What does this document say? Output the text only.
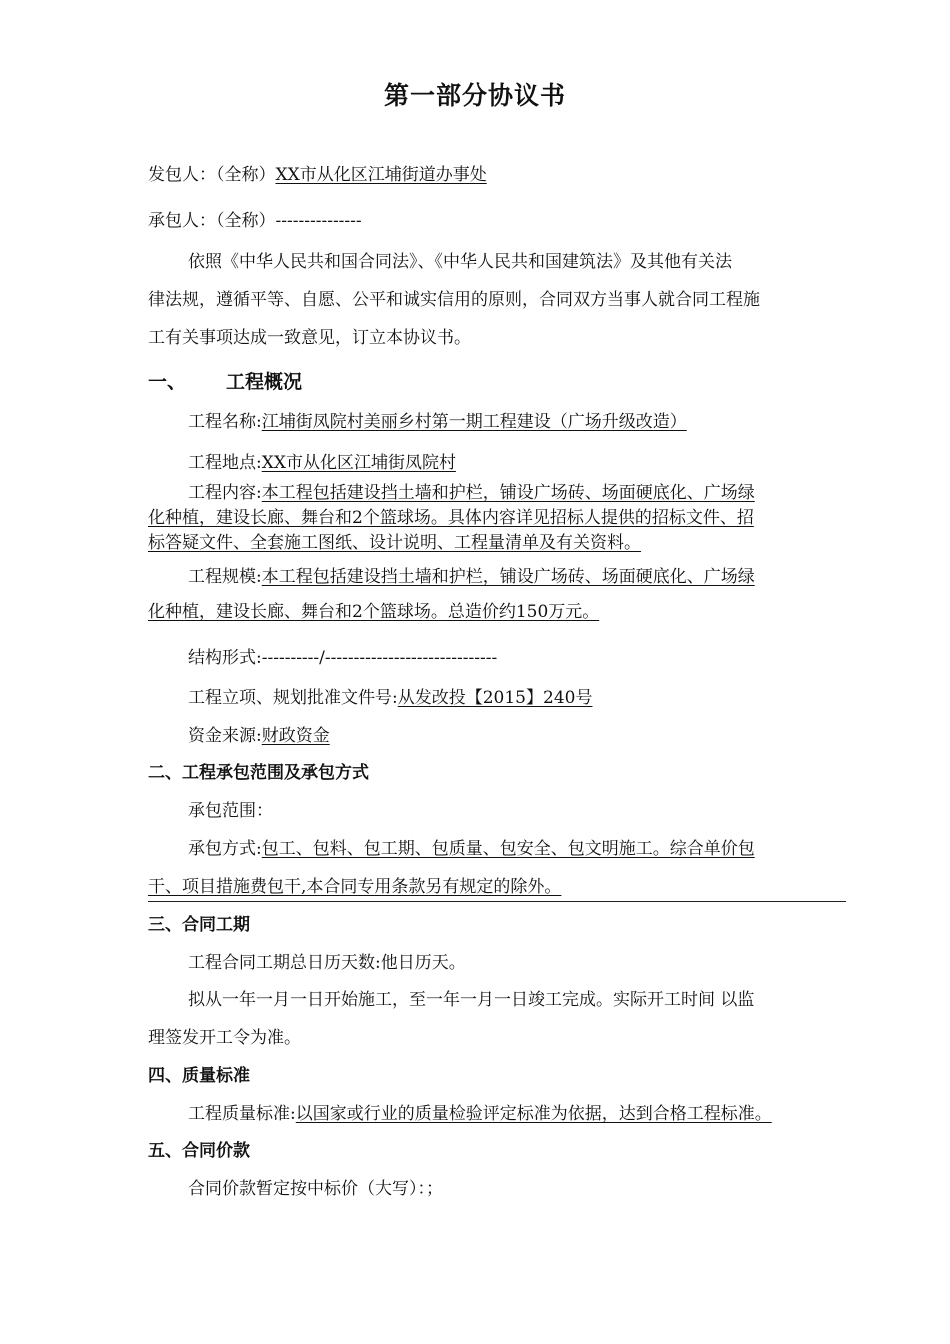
第一部分协议书
发包人：（全称）XX市从化区江埔街道办事处
承包人：（全称）---------------
依照《中华人民共和国合同法》、《中华人民共和国建筑法》及其他有关法
律法规，遵循平等、自愿、公平和诚实信用的原则，合同双方当事人就合同工程施
工有关事项达成一致意见，订立本协议书。
一、 工程概况
工程名称:江埔街凤院村美丽乡村第一期工程建设（广场升级改造）
工程地点:XX市从化区江埔街凤院村
工程内容:本工程包括建设挡土墙和护栏，铺设广场砖、场面硬底化、广场绿
化种植，建设长廊、舞台和2个篮球场。具体内容详见招标人提供的招标文件、招
标答疑文件、全套施工图纸、设计说明、工程量清单及有关资料。
工程规模:本工程包括建设挡土墙和护栏，铺设广场砖、场面硬底化、广场绿
化种植，建设长廊、舞台和2个篮球场。总造价约150万元。
结构形式:----------/------------------------------
工程立项、规划批准文件号:从发改投【2015】240号
资金来源:财政资金
二、工程承包范围及承包方式
承包范围：
承包方式:包工、包料、包工期、包质量、包安全、包文明施工。综合单价包
干、项目措施费包干,本合同专用条款另有规定的除外。
三、合同工期
工程合同工期总日历天数:他日历天。
拟从一年一月一日开始施工，至一年一月一日竣工完成。实际开工时间 以监
理签发开工令为准。
四、质量标准
工程质量标准:以国家或行业的质量检验评定标准为依据，达到合格工程标准。
五、合同价款
合同价款暂定按中标价（大写）：；
